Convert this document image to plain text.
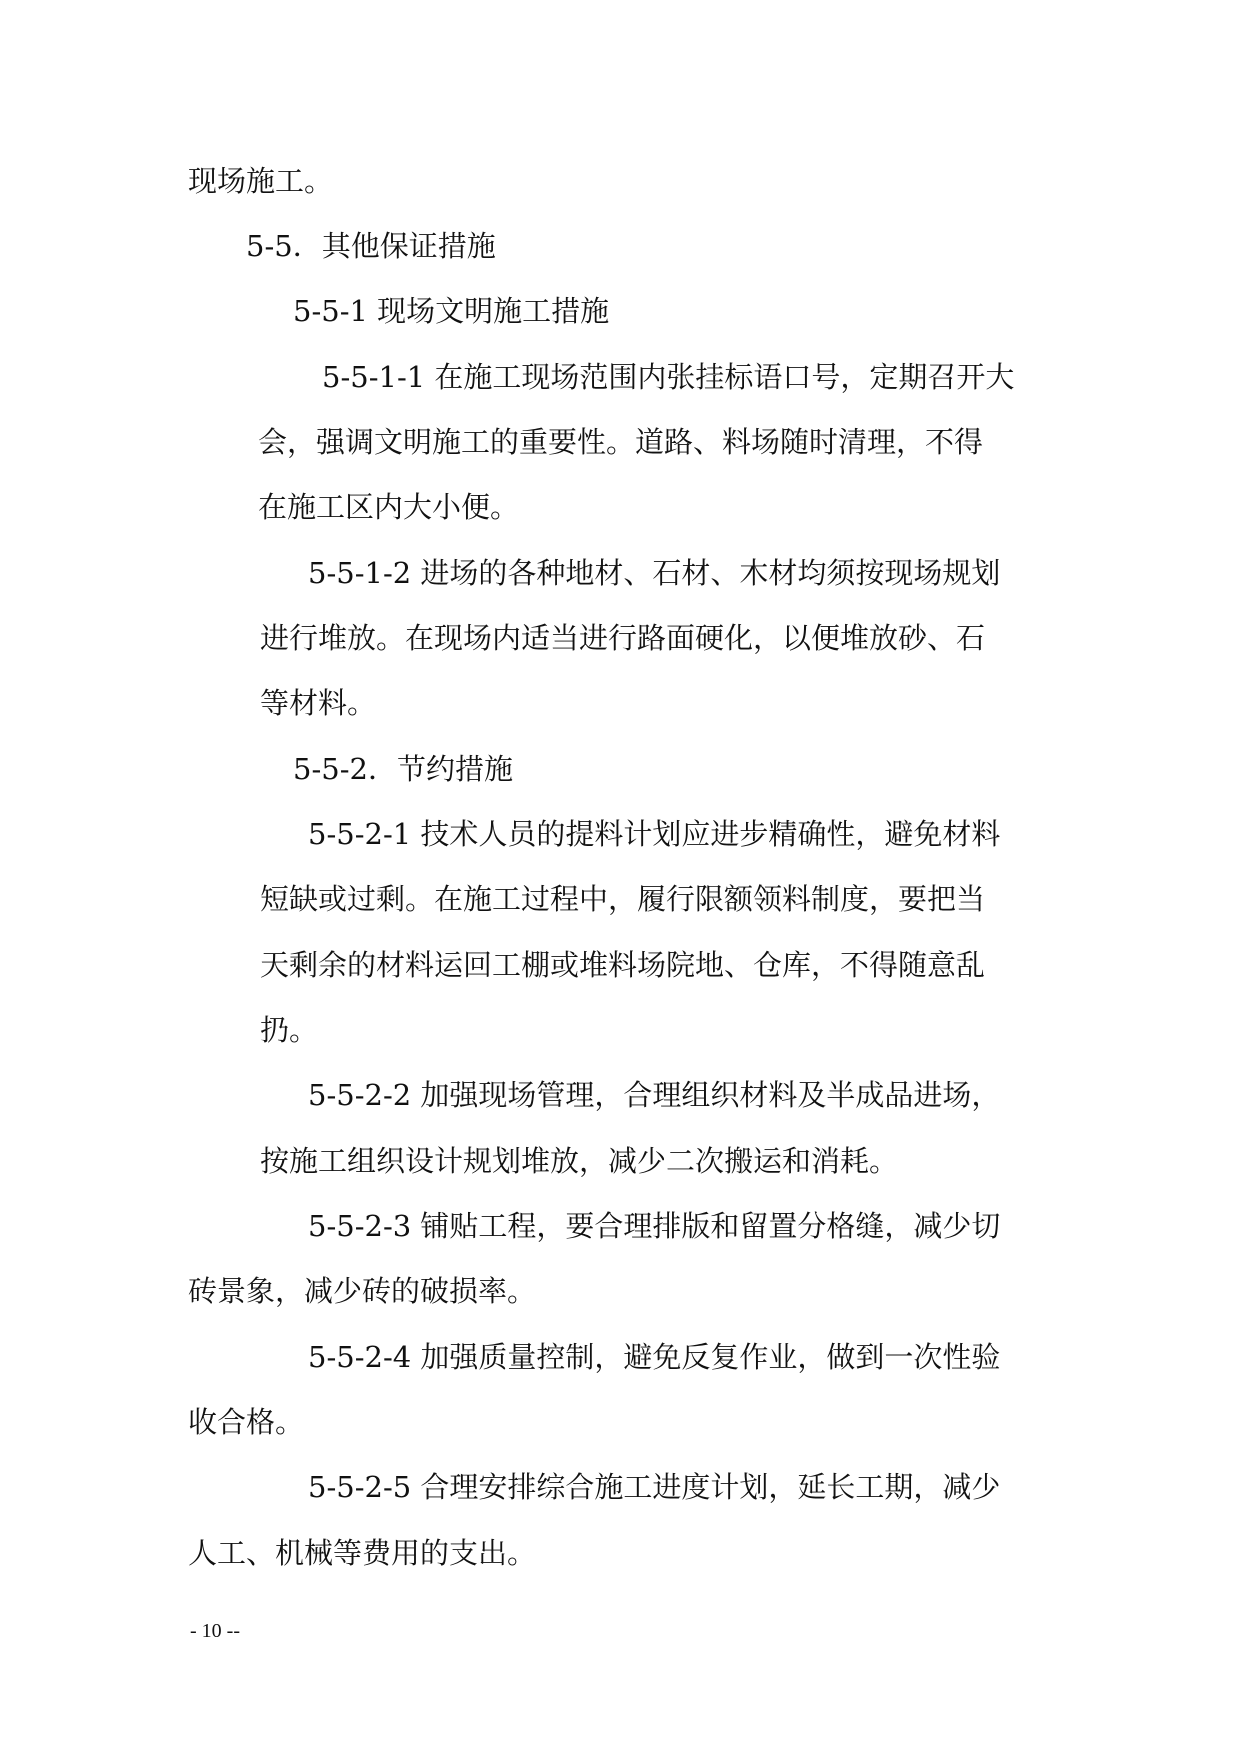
现场施工。
5-5．其他保证措施
5-5-1 现场文明施工措施
5-5-1-1 在施工现场范围内张挂标语口号，定期召开大
会，强调文明施工的重要性。道路、料场随时清理，不得
在施工区内大小便。
5-5-1-2 进场的各种地材、石材、木材均须按现场规划
进行堆放。在现场内适当进行路面硬化，以便堆放砂、石
等材料。
5-5-2．节约措施
5-5-2-1 技术人员的提料计划应进步精确性，避免材料
短缺或过剩。在施工过程中，履行限额领料制度，要把当
天剩余的材料运回工棚或堆料场院地、仓库，不得随意乱
扔。
5-5-2-2 加强现场管理，合理组织材料及半成品进场，
按施工组织设计规划堆放，减少二次搬运和消耗。
5-5-2-3 铺贴工程，要合理排版和留置分格缝，减少切
砖景象，减少砖的破损率。
5-5-2-4 加强质量控制，避免反复作业，做到一次性验
收合格。
5-5-2-5 合理安排综合施工进度计划，延长工期，减少
人工、机械等费用的支出。
- 10 --
